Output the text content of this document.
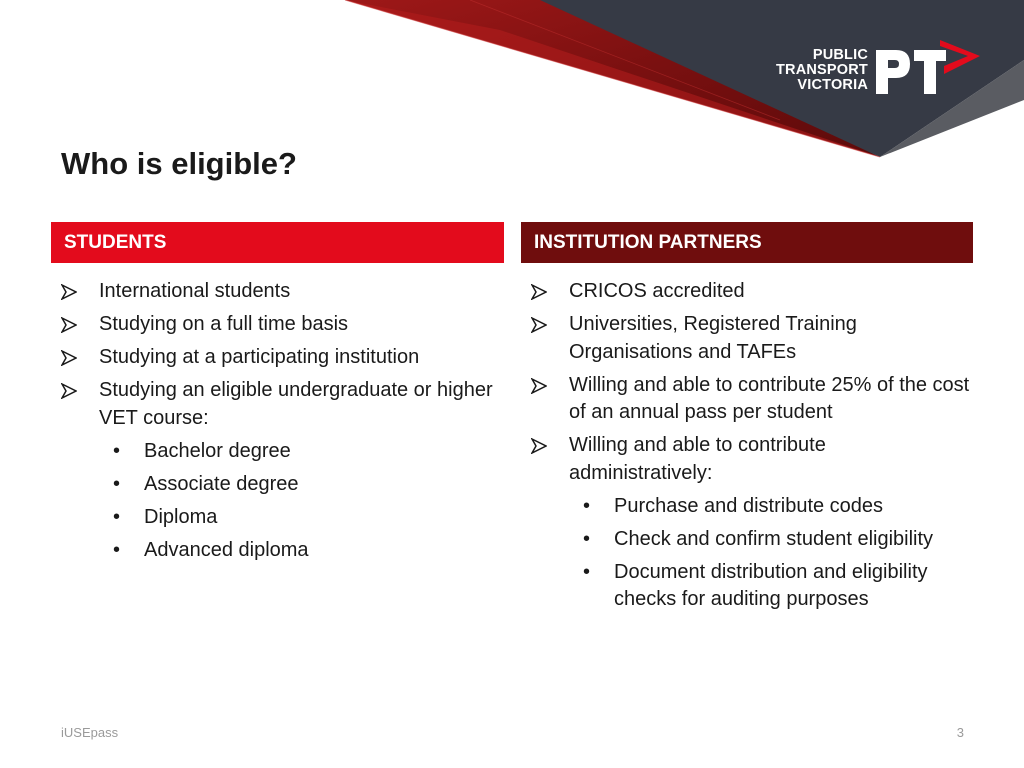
PUBLIC
TRANSPORT
VICTORIA
Who is eligible?
STUDENTS	INSTITUTION PARTNERS
International students
Studying on a full time basis
Studying at a participating institution
Studying an eligible undergraduate or higher VET course:
• Bachelor degree
• Associate degree
• Diploma
• Advanced diploma
CRICOS accredited
Universities, Registered Training Organisations and TAFEs
Willing and able to contribute 25% of the cost of an annual pass per student
Willing and able to contribute administratively:
• Purchase and distribute codes
• Check and confirm student eligibility
• Document distribution and eligibility checks for auditing purposes
iUSEpass	3
